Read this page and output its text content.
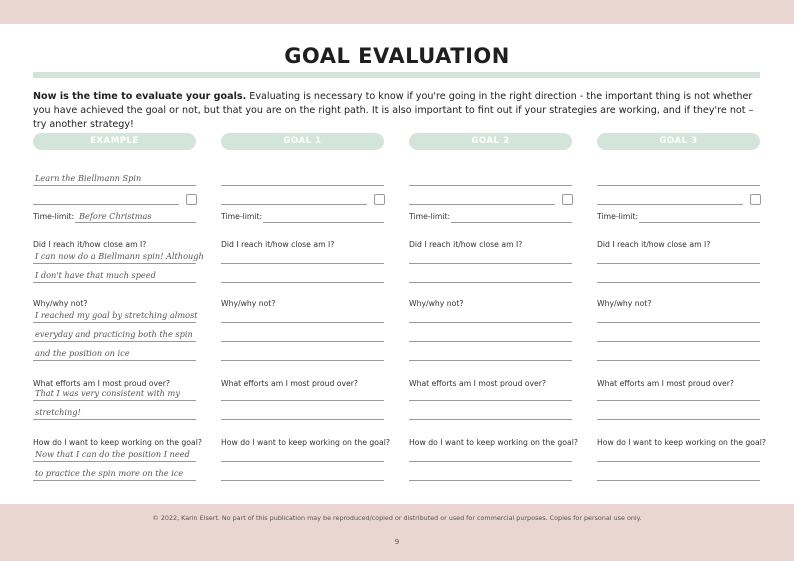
GOAL EVALUATION

Now is the time to evaluate your goals. Evaluating is necessary to know if you're going in the right direction - the important thing is not whether you have achieved the goal or not, but that you are on the right path. It is also important to fint out if your strategies are working, and if they're not – try another strategy!

EXAMPLE
Learn the Biellmann Spin
Time-limit: Before Christmas
Did I reach it/how close am I?
I can now do a Biellmann spin! Although
I don't have that much speed
Why/why not?
I reached my goal by stretching almost
everyday and practicing both the spin
and the position on ice
What efforts am I most proud over?
That I was very consistent with my
stretching!
How do I want to keep working on the goal?
Now that I can do the position I need
to practice the spin more on the ice
GOAL 1
Time-limit:
Did I reach it/how close am I?
Why/why not?
What efforts am I most proud over?
How do I want to keep working on the goal?
GOAL 2
Time-limit:
Did I reach it/how close am I?
Why/why not?
What efforts am I most proud over?
How do I want to keep working on the goal?
GOAL 3
Time-limit:
Did I reach it/how close am I?
Why/why not?
What efforts am I most proud over?
How do I want to keep working on the goal?
© 2022, Karin Elsert. No part of this publication may be reproduced/copied or distributed or used for commercial purposes. Copies for personal use only.
9
